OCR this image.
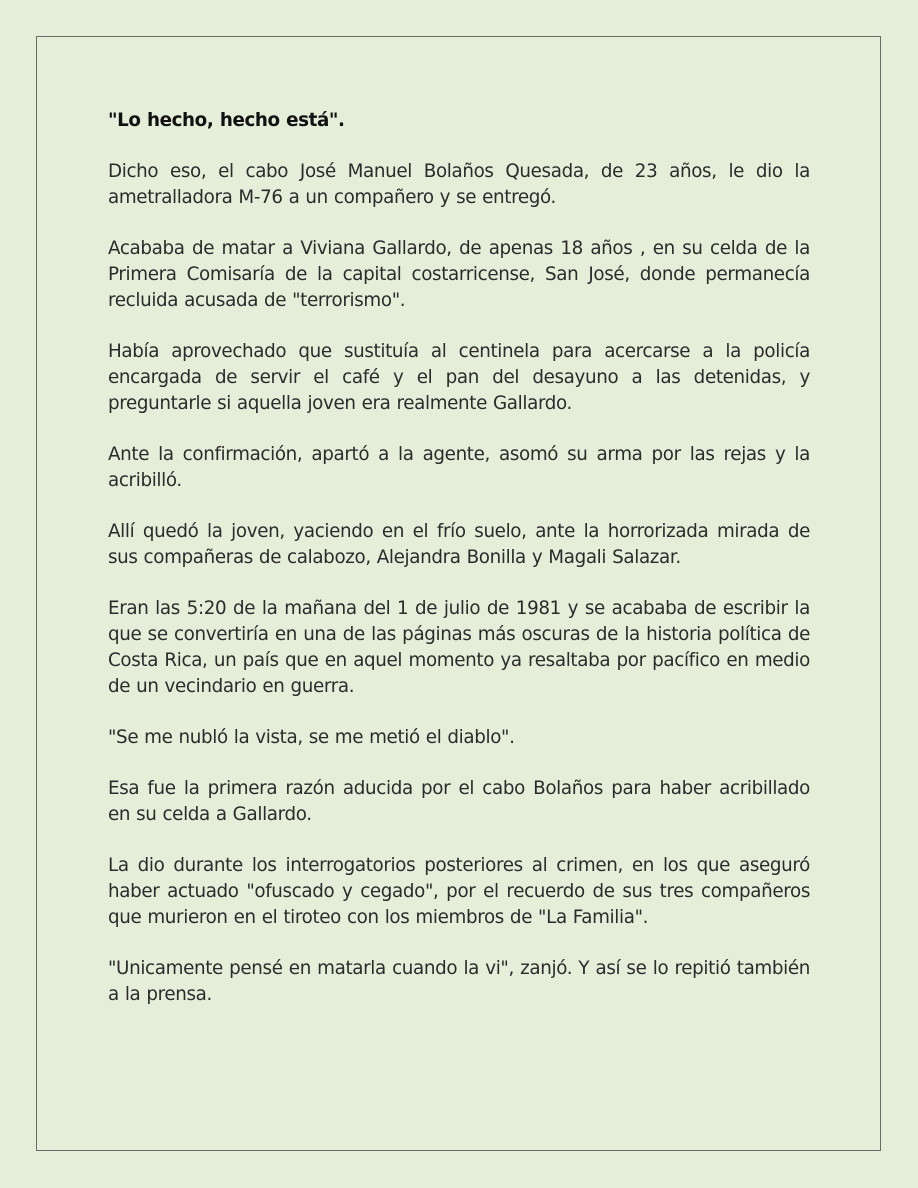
"Lo hecho, hecho está".

Dicho eso, el cabo José Manuel Bolaños Quesada, de 23 años, le dio la ametralladora M-76 a un compañero y se entregó.

Acababa de matar a Viviana Gallardo, de apenas 18 años , en su celda de la Primera Comisaría de la capital costarricense, San José, donde permanecía recluida acusada de "terrorismo".

Había aprovechado que sustituía al centinela para acercarse a la policía encargada de servir el café y el pan del desayuno a las detenidas, y preguntarle si aquella joven era realmente Gallardo.

Ante la confirmación, apartó a la agente, asomó su arma por las rejas y la acribilló.

Allí quedó la joven, yaciendo en el frío suelo, ante la horrorizada mirada de sus compañeras de calabozo, Alejandra Bonilla y Magali Salazar.

Eran las 5:20 de la mañana del 1 de julio de 1981 y se acababa de escribir la que se convertiría en una de las páginas más oscuras de la historia política de Costa Rica, un país que en aquel momento ya resaltaba por pacífico en medio de un vecindario en guerra.

"Se me nubló la vista, se me metió el diablo".

Esa fue la primera razón aducida por el cabo Bolaños para haber acribillado en su celda a Gallardo.

La dio durante los interrogatorios posteriores al crimen, en los que aseguró haber actuado "ofuscado y cegado", por el recuerdo de sus tres compañeros que murieron en el tiroteo con los miembros de "La Familia".

"Unicamente pensé en matarla cuando la vi", zanjó. Y así se lo repitió también a la prensa.
